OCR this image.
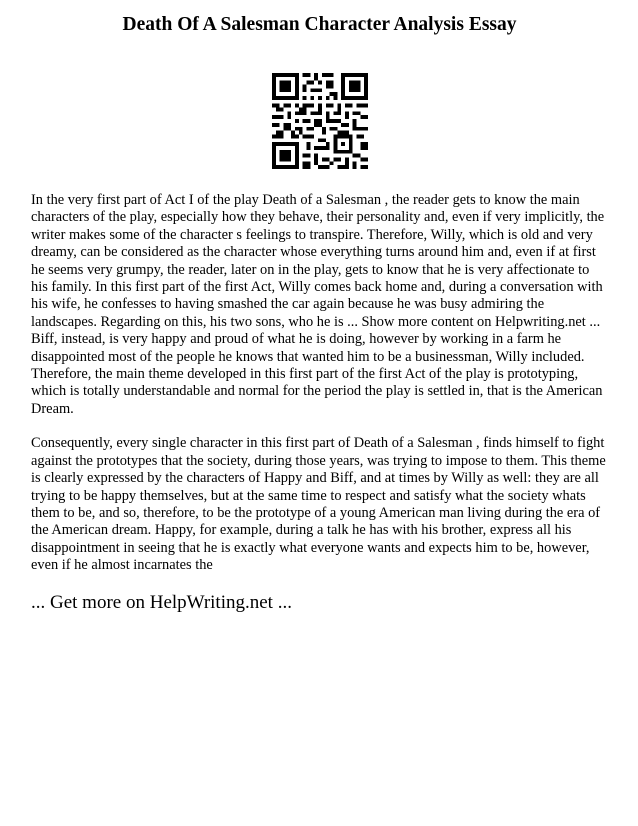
Death Of A Salesman Character Analysis Essay

In the very first part of Act I of the play Death of a Salesman , the reader gets to know the main characters of the play, especially how they behave, their personality and, even if very implicitly, the writer makes some of the character s feelings to transpire. Therefore, Willy, which is old and very dreamy, can be considered as the character whose everything turns around him and, even if at first he seems very grumpy, the reader, later on in the play, gets to know that he is very affectionate to his family. In this first part of the first Act, Willy comes back home and, during a conversation with his wife, he confesses to having smashed the car again because he was busy admiring the landscapes. Regarding on this, his two sons, who he is ... Show more content on Helpwriting.net ...

Biff, instead, is very happy and proud of what he is doing, however by working in a farm he disappointed most of the people he knows that wanted him to be a businessman, Willy included. Therefore, the main theme developed in this first part of the first Act of the play is prototyping, which is totally understandable and normal for the period the play is settled in, that is the American Dream.

Consequently, every single character in this first part of Death of a Salesman , finds himself to fight against the prototypes that the society, during those years, was trying to impose to them. This theme is clearly expressed by the characters of Happy and Biff, and at times by Willy as well: they are all trying to be happy themselves, but at the same time to respect and satisfy what the society whats them to be, and so, therefore, to be the prototype of a young American man living during the era of the American dream. Happy, for example, during a talk he has with his brother, express all his disappointment in seeing that he is exactly what everyone wants and expects him to be, however, even if he almost incarnates the

... Get more on HelpWriting.net ...
